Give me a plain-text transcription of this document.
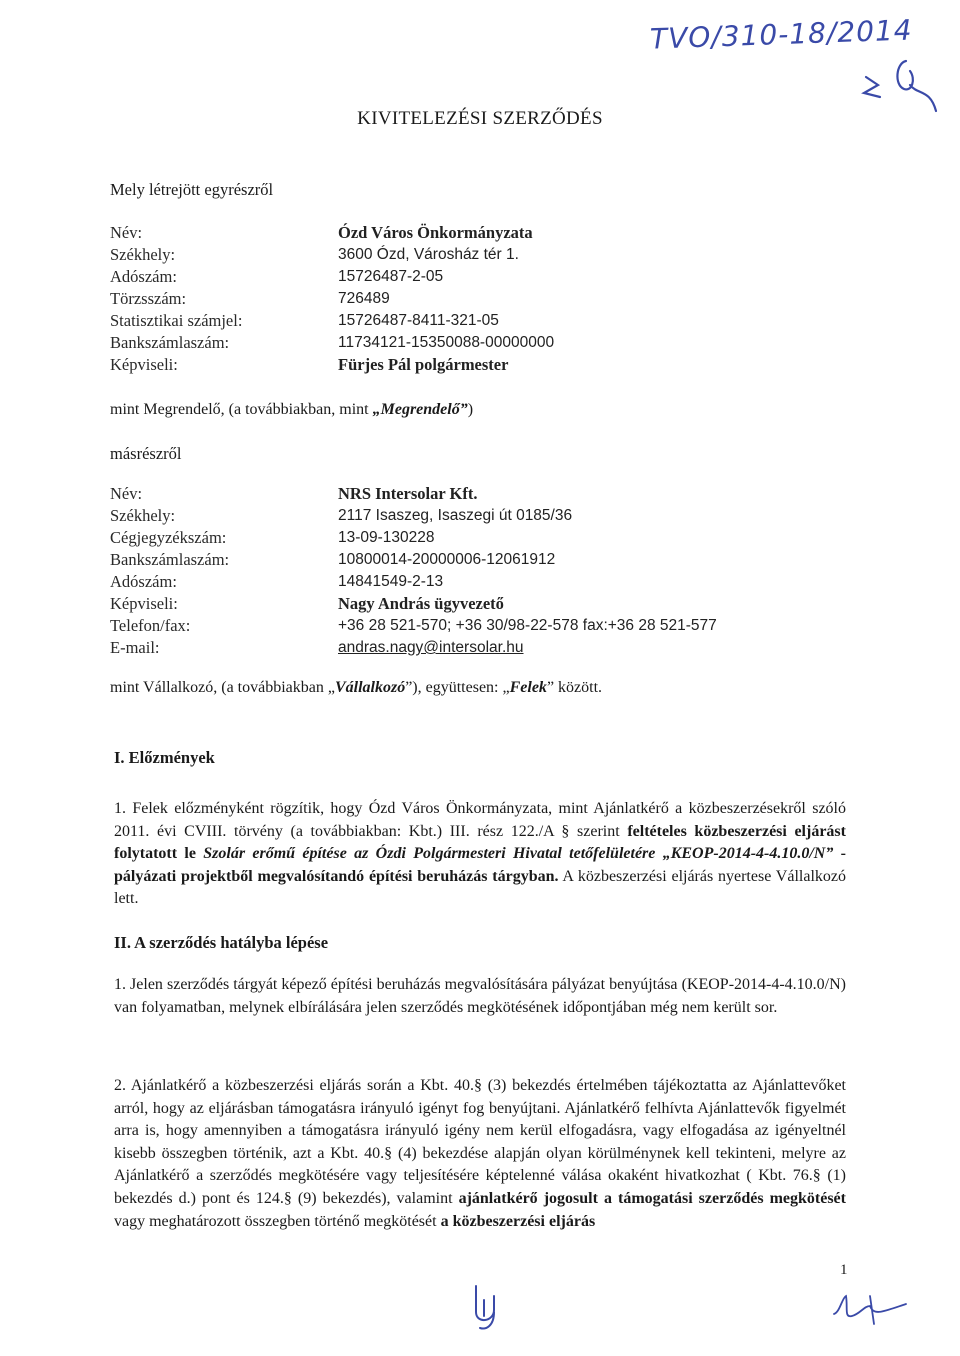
TVO/310-18/2014
KIVITELEZÉSI SZERZŐDÉS
Mely létrejött egyrészről
Név:	Ózd Város Önkormányzata
Székhely:	3600 Ózd, Városház tér 1.
Adószám:	15726487-2-05
Törzsszám:	726489
Statisztikai számjel:	15726487-8411-321-05
Bankszámlaszám:	11734121-15350088-00000000
Képviseli:	Fürjes Pál polgármester
mint Megrendelő, (a továbbiakban, mint „Megrendelő”)
másrészről
Név:	NRS Intersolar Kft.
Székhely:	2117 Isaszeg, Isaszegi út 0185/36
Cégjegyzékszám:	13-09-130228
Bankszámlaszám:	10800014-20000006-12061912
Adószám:	14841549-2-13
Képviseli:	Nagy András ügyvezető
Telefon/fax:	+36 28 521-570; +36 30/98-22-578 fax:+36 28 521-577
E-mail:	andras.nagy@intersolar.hu
mint Vállalkozó, (a továbbiakban „Vállalkozó”), együttesen: „Felek” között.
I. Előzmények
1. Felek előzményként rögzítik, hogy Ózd Város Önkormányzata, mint Ajánlatkérő a közbeszerzésekről szóló 2011. évi CVIII. törvény (a továbbiakban: Kbt.) III. rész 122./A § szerint feltételes közbeszerzési eljárást folytatott le Szolár erőmű építése az Ózdi Polgármesteri Hivatal tetőfelületére „KEOP-2014-4-4.10.0/N” - pályázati projektből megvalósítandó építési beruházás tárgyban. A közbeszerzési eljárás nyertese Vállalkozó lett.
II. A szerződés hatályba lépése
1. Jelen szerződés tárgyát képező építési beruházás megvalósítására pályázat benyújtása (KEOP-2014-4-4.10.0/N) van folyamatban, melynek elbírálására jelen szerződés megkötésének időpontjában még nem került sor.
2. Ajánlatkérő a közbeszerzési eljárás során a Kbt. 40.§ (3) bekezdés értelmében tájékoztatta az Ajánlattevőket arról, hogy az eljárásban támogatásra irányuló igényt fog benyújtani. Ajánlatkérő felhívta Ajánlattevők figyelmét arra is, hogy amennyiben a támogatásra irányuló igény nem kerül elfogadásra, vagy elfogadása az igényeltnél kisebb összegben történik, azt a Kbt. 40.§ (4) bekezdése alapján olyan körülménynek kell tekinteni, melyre az Ajánlatkérő a szerződés megkötésére vagy teljesítésére képtelenné válása okaként hivatkozhat ( Kbt. 76.§ (1) bekezdés d.) pont és 124.§ (9) bekezdés), valamint ajánlatkérő jogosult a támogatási szerződés megkötését vagy meghatározott összegben történő megkötését a közbeszerzési eljárás
1
